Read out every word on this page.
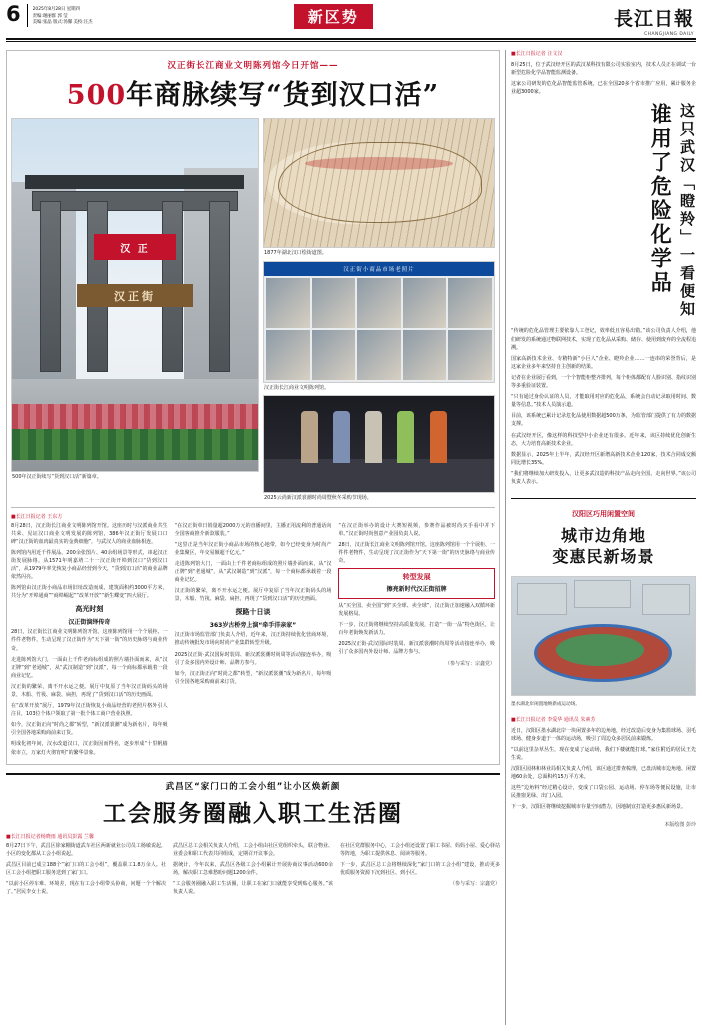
6	2025年8月28日 星期四
责编:谢丽群 郭 莹
美编:张晶 版式:汤馨 美校:汪杰	新区势	長江日報
CHANGJIANG DAILY
汉正街长江商业文明陈列馆今日开馆——
500年商脉续写“货到汉口活”
汉 正
汉正街
500年汉正街续写“货到汉口活”新篇章。
1877年湖北汉口绘街道图。
汉正街小商品市场老照片
汉正街长江商业文明陈列馆。
2025云尚新汉派裳潮时尚周暨秋冬采购节现场。
■长江日报记者 王东方

8月28日，汉正街长江商业文明陈列馆开馆。这座历时与汉派商业共生共荣、见证汉口商业文明发展的陈列馆，386年汉正街厅发展口口碑“汉正街的血肉最真实的金典细胞”，与武汉人的商业血脉相连。

陈列馆内用近千件展品、200余张图片、40余组场景等形式，串起汉正街发展脉络。从1571年明嘉靖二十一汉正街开埠到汉口“货到汉口活”，从1979年率先恢复小商品经营到今天，“货到汉口活”的商业品牌依然闪亮。

陈列馆由汉正街小商品市场旧址改造而成，建筑面积约3000平方米，共分为“开埠通商”“商埠崛起”“改革开放”“新生蝶变”四大展厅。

高光时刻
汉正街演绎传奇

28日，汉正街长江商业文明陈列馆开馆。这座陈列馆用一个个展柜、一件件老物件，生动呈现了汉正街作为“天下第一街”的历史脉络与商业传奇。

走进陈列馆大门，一面由上千件老商标组成的照片墙扑面而来，从“汉正牌”到“老通城”，从“武汉制造”到“汉派”，每一个商标都承载着一段商业记忆。

汉正街的繁荣，离不开水运之便。展厅中复原了当年汉正街码头的场景，木船、竹筏、麻袋、扁担，再现了“货到汉口活”的历史画面。

在“改革开放”展厅，1979年汉正街恢复小商品经营的老照片格外引人注目，103位个体户领取了第一批个体工商户营业执照。

如今，汉正街正向“时尚之都”转型，“新汉派裳潮”成为新名片，每年吸引全国各地采购商前来订货。

明成化初年间，汉水改道汉口，汉正街因而得名，逐步形成“十里帆樯依市立，万家灯火彻宵明”的繁华景象。

“在汉正街单日销量超2000万元的直播间里，主播正用流利的普通话向全国客商推介新款服装。”

“这里正是当年汉正街小商品市场的核心地带，如今已经变身为时尚产业集聚区，年交易额超千亿元。”

走进陈列馆大门，一面由上千件老商标组成的照片墙扑面而来，从“汉正牌”到“老通城”，从“武汉制造”到“汉派”，每一个商标都承载着一段商业记忆。

汉正街的繁荣，离不开水运之便。展厅中复原了当年汉正街码头的场景，木船、竹筏、麻袋、扁担，再现了“货到汉口活”的历史画面。

探路十日谈
363岁古桥旁上演“牵手洋亲家”

汉正街市场监管部门负责人介绍，近年来，汉正街持续优化营商环境，推动传统批发市场向时尚产业集群转型升级。

2025汉正街·武汉国际时装周、新汉派裳潮时尚周等活动接连举办，吸引了众多国内外设计师、品牌方参与。

如今，汉正街正向“时尚之都”转型，“新汉派裳潮”成为新名片，每年吸引全国各地采购商前来订货。

“在汉正街举办的设计大赛短视频，参赛作品被时尚买手看中并下单。”汉正街时尚创意产业园负责人说。

28日，汉正街长江商业文明陈列馆开馆。这座陈列馆用一个个展柜、一件件老物件，生动呈现了汉正街作为“天下第一街”的历史脉络与商业传奇。

转型发展
擦亮新时代汉正街招牌

从“买全国、卖全国”到“买全球、卖全球”，汉正街正加速融入双循环新发展格局。

下一步，汉正街将继续坚持高质量发展，打造“一街一品”特色街区，让百年老街焕发新活力。

2025汉正街·武汉国际时装周、新汉派裳潮时尚周等活动接连举办，吸引了众多国内外设计师、品牌方参与。

（参与采写：宗鑫党）
武昌区“家门口的工会小组”让小区焕新颜
工会服务圈融入职工生活圈
■长江日报记者杨晓雨 通讯员彭露 兰馨

8月27日下午，武昌区徐家棚街道武车社区两新就业公司员工杨敏说起，小区的变化都从工会小组说起。

武昌区目前已成立188个“家门口的工会小组”，覆盖职工1.8万余人。社区工会小组把职工服务送到了家门口。

“以前小区停车难、环境差，现在有工会小组带头协商，问题一个个解决了。”居民李女士说。

武昌区总工会相关负责人介绍，工会小组由社区党组织牵头，联合物业、业委会和职工代表共同组成，定期召开议事会。

据统计，今年以来，武昌区各级工会小组累计开展协商议事活动600余场，解决职工急难愁盼问题1200余件。

“工会服务圈融入职工生活圈，让职工在家门口就能享受到贴心服务。”该负责人说。

在社区党群服务中心，工会小组还设置了职工书屋、妈妈小屋、爱心驿站等阵地，为职工提供休息、阅读等服务。

下一步，武昌区总工会将继续深化“家门口的工会小组”建设，推动更多优质服务资源下沉到社区、到小区。

（参与采写：宗鑫党）

■长江日报记者 汪文汉

8月25日，位于武汉经开区的武汉某科技有限公司实验室内，技术人员正在调试一台新型危险化学品智能监测设备。

这家公司研发的危化品智能监管系统，已在全国20多个省市推广应用，累计服务企业超3000家。

谁用了危险化学品 这只武汉「瞪羚」一看便知

“传统的危化品管理主要依靠人工登记，效率低且容易出错。”该公司负责人介绍，他们研发的系统通过物联网技术，实现了危化品从采购、储存、使用到废弃的全流程追溯。

国家高新技术企业、专精特新“小巨人”企业、瞪羚企业……一连串的荣誉背后，是这家企业多年来坚持自主创新的结果。

记者在企业展厅看到，一个个智能柜整齐排列，每个柜体都配有人脸识别、指纹识别等多重验证装置。

“只有通过身份认证的人员，才能取用对应的危化品，系统会自动记录取用时间、数量等信息。”技术人员演示道。

目前，该系统已累计记录危化品使用数据超500万条，为监管部门提供了有力的数据支撑。

在武汉经开区，像这样的科技型中小企业还有很多。近年来，该区持续优化创新生态，大力培育高新技术企业。

数据显示，2025年上半年，武汉经开区新增高新技术企业120家，技术合同成交额同比增长35%。

“我们将继续加大研发投入，让更多武汉造的科技产品走向全国、走向世界。”该公司负责人表示。

汉阳区巧用闲置空间
城市边角地
变惠民新场景
墨水湖北岸闲置地焕新成运动场。

■长江日报记者 李爱华 通讯员 朱素芳

近日，汉阳区墨水湖北岸一块闲置多年的边角地，经过改造后变身为集篮球场、羽毛球场、健身步道于一体的运动场，吸引了周边众多居民前来锻炼。

“以前这里杂草丛生，现在变成了运动场，我们下楼就能打球。”家住附近的居民王先生说。

汉阳区园林和林业局相关负责人介绍，该区通过排查梳理，已盘活城市边角地、闲置地60余处，总面积约15万平方米。

这些“边角料”经过精心设计，变成了口袋公园、运动场、停车场等便民设施，让市民推窗见绿、出门入园。

下一步，汉阳区将继续挖掘城市存量空间潜力，因地制宜打造更多惠民新场景。

本版绘图 彭玲
